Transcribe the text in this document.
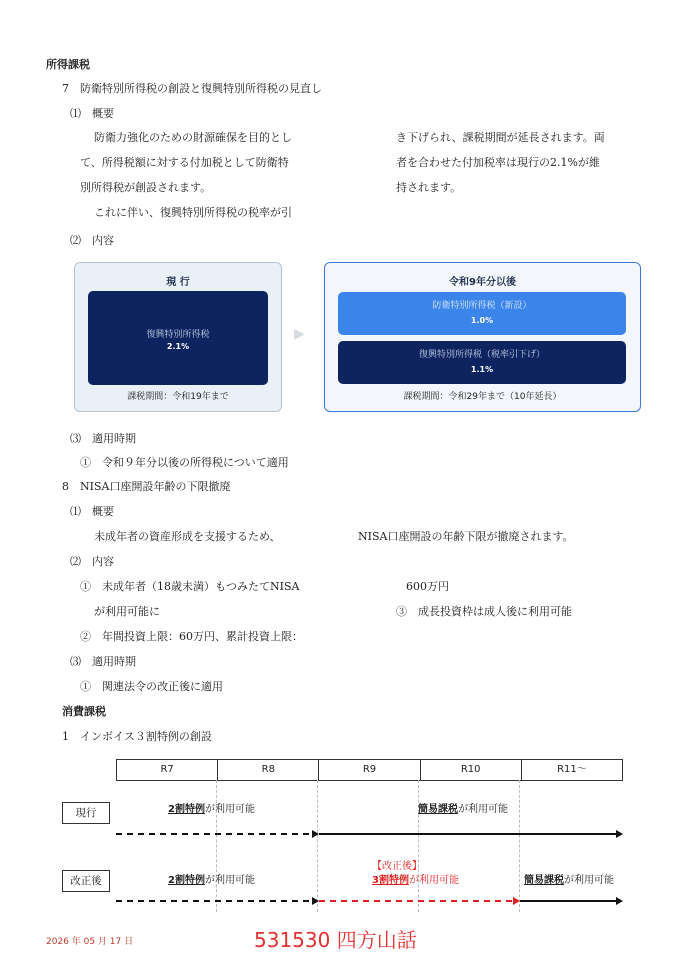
所得課税
7　防衛特別所得税の創設と復興特別所得税の見直し
⑴　概要
防衛力強化のための財源確保を目的とし
て、所得税額に対する付加税として防衛特
別所得税が創設されます。
これに伴い、復興特別所得税の税率が引
き下げられ、課税期間が延長されます。両
者を合わせた付加税率は現行の2.1%が維
持されます。
⑵　内容
現 行
復興特別所得税
2.1%
課税期間：令和19年まで
▶
令和9年分以後
防衛特別所得税（新設）
1.0%
復興特別所得税（税率引下げ）
1.1%
課税期間：令和29年まで（10年延長）
⑶　適用時期
①　令和９年分以後の所得税について適用
8　NISA口座開設年齢の下限撤廃
⑴　概要
未成年者の資産形成を支援するため、	NISA口座開設の年齢下限が撤廃されます。
⑵　内容
①　未成年者（18歳未満）もつみたてNISA	600万円
が利用可能に	③　成長投資枠は成人後に利用可能
②　年間投資上限：60万円、累計投資上限：
⑶　適用時期
①　関連法令の改正後に適用
消費課税
1　インボイス３割特例の創設
R7	R8	R9	R10	R11～
現行	2割特例が利用可能	簡易課税が利用可能
改正後	2割特例が利用可能
【改正後】
3割特例が利用可能	簡易課税が利用可能
2026 年 05 月 17 日	531530 四方山話
